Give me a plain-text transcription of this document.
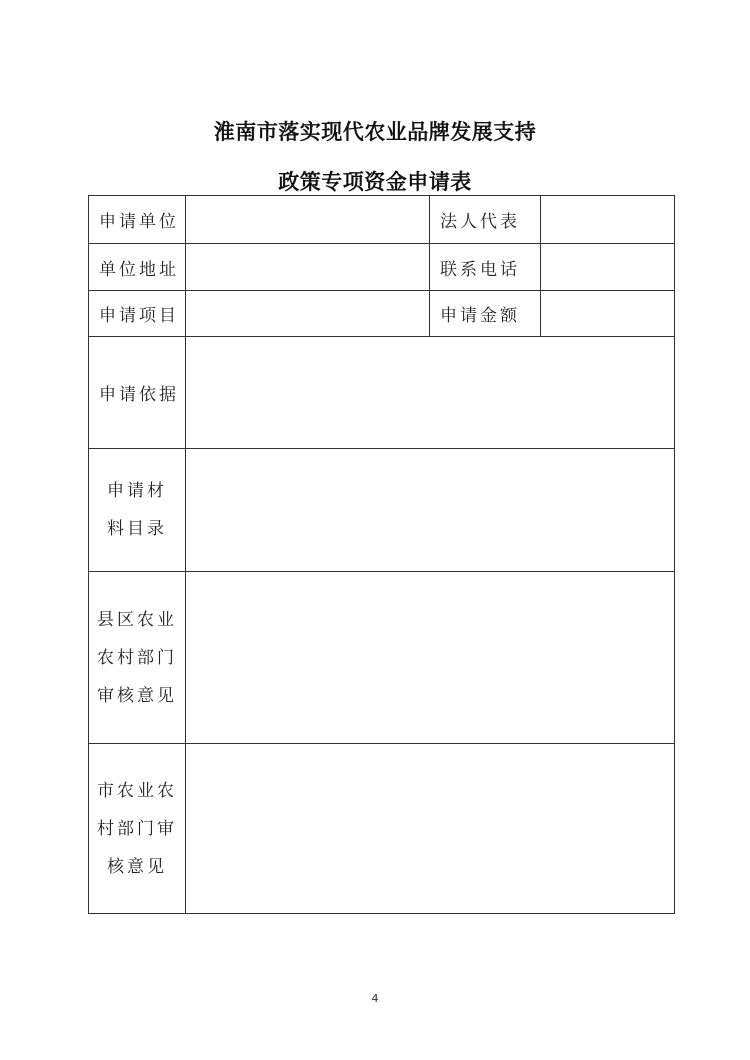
淮南市落实现代农业品牌发展支持
政策专项资金申请表
申请单位		法人代表	
单位地址		联系电话	
申请项目		申请金额	
申请依据			

申请材
料目录			

县区农业
农村部门
审核意见			

市农业农
村部门审
核意见			

4
